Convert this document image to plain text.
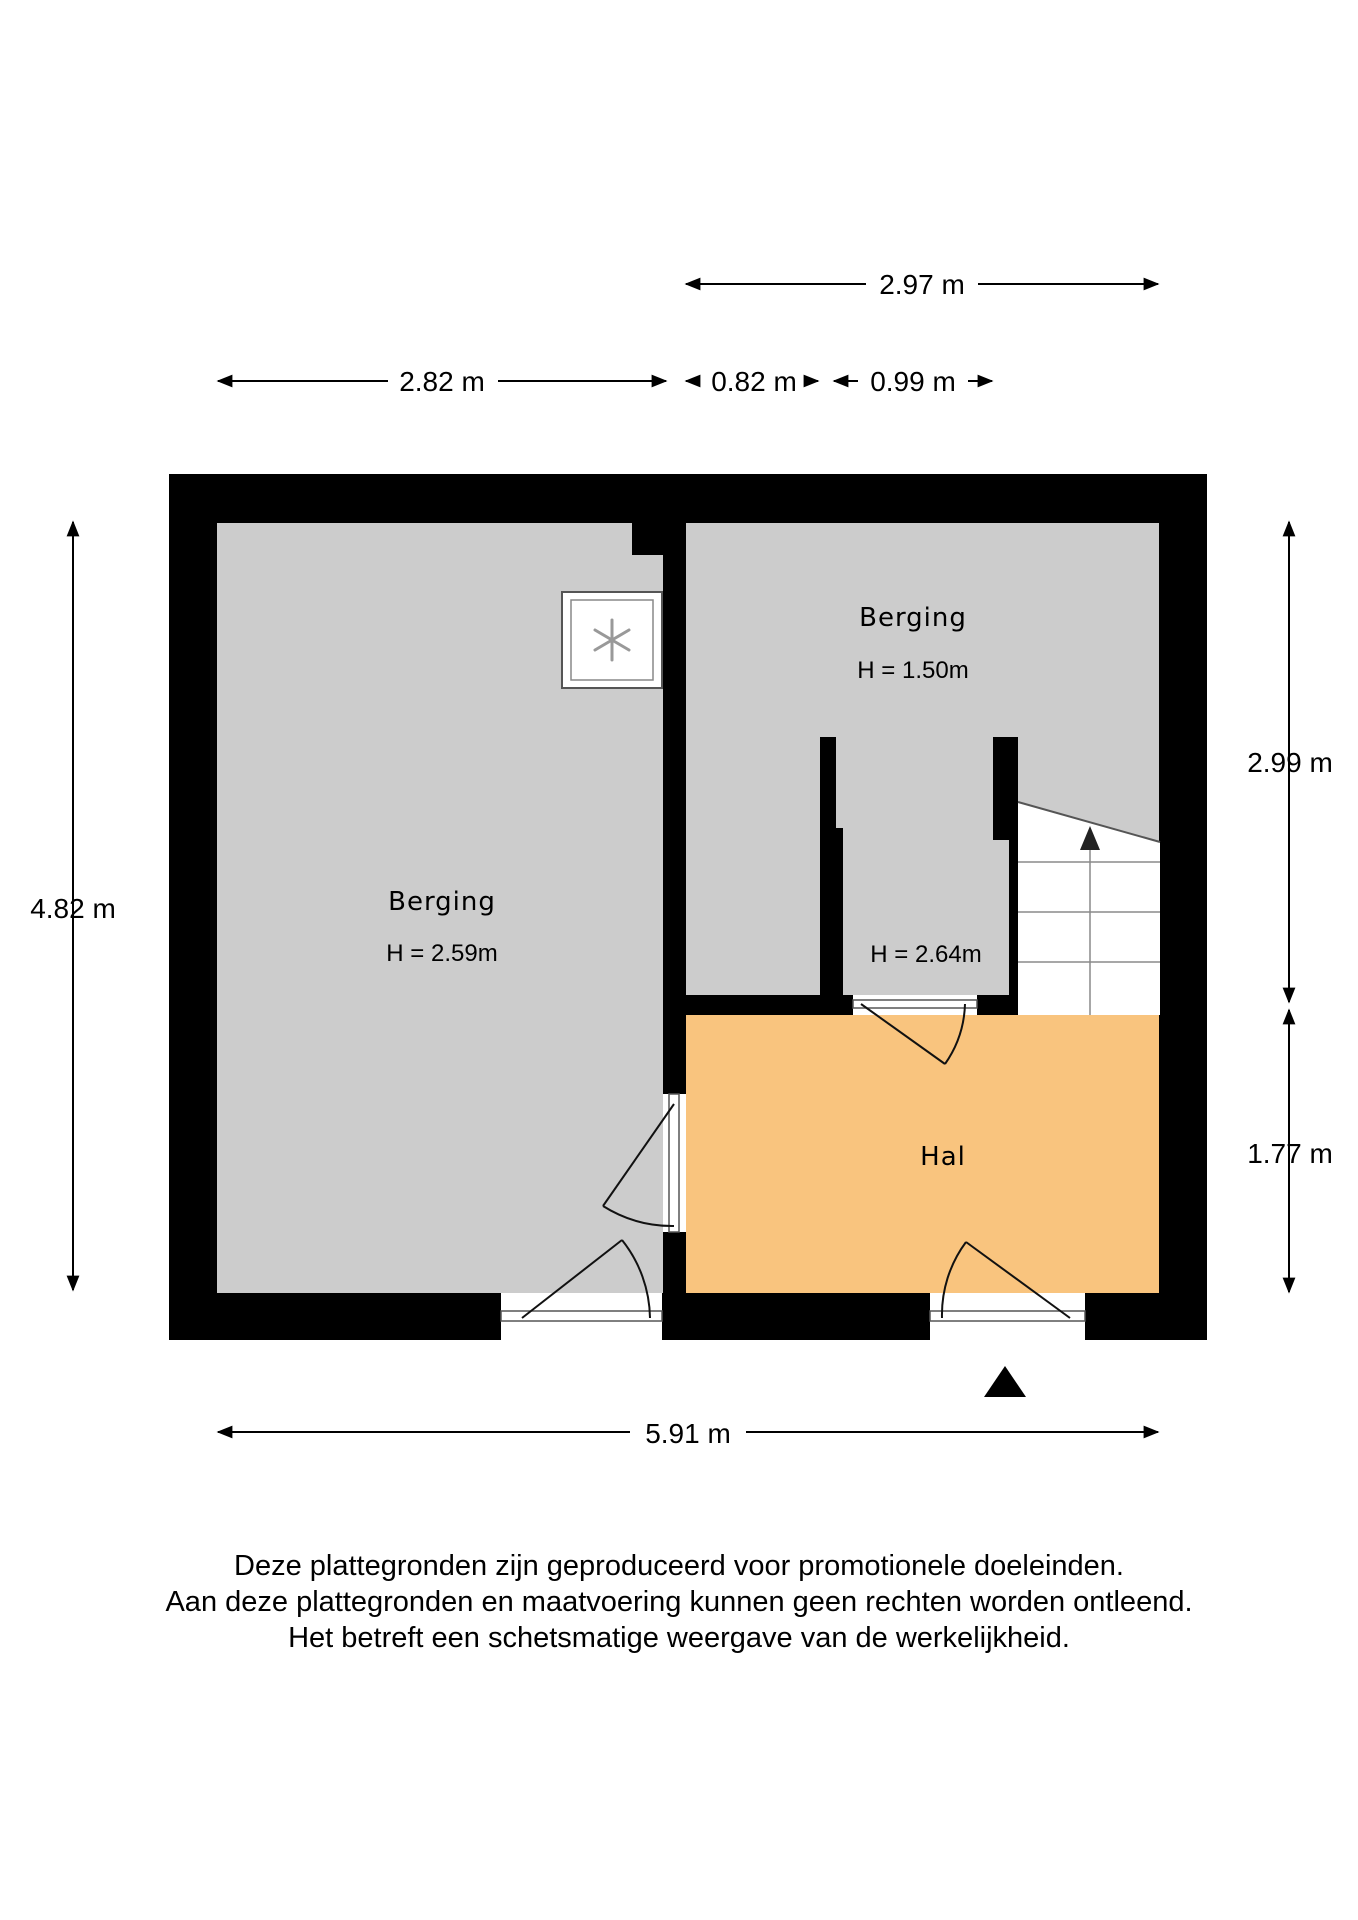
2.97 m
2.82 m	0.82 m	0.99 m
4.82 m
2.99 m
1.77 m
5.91 m
Berging
H = 2.59m
Berging
H = 1.50m
H = 2.64m
Hal
Deze plattegronden zijn geproduceerd voor promotionele doeleinden.
Aan deze plattegronden en maatvoering kunnen geen rechten worden ontleend.
Het betreft een schetsmatige weergave van de werkelijkheid.
